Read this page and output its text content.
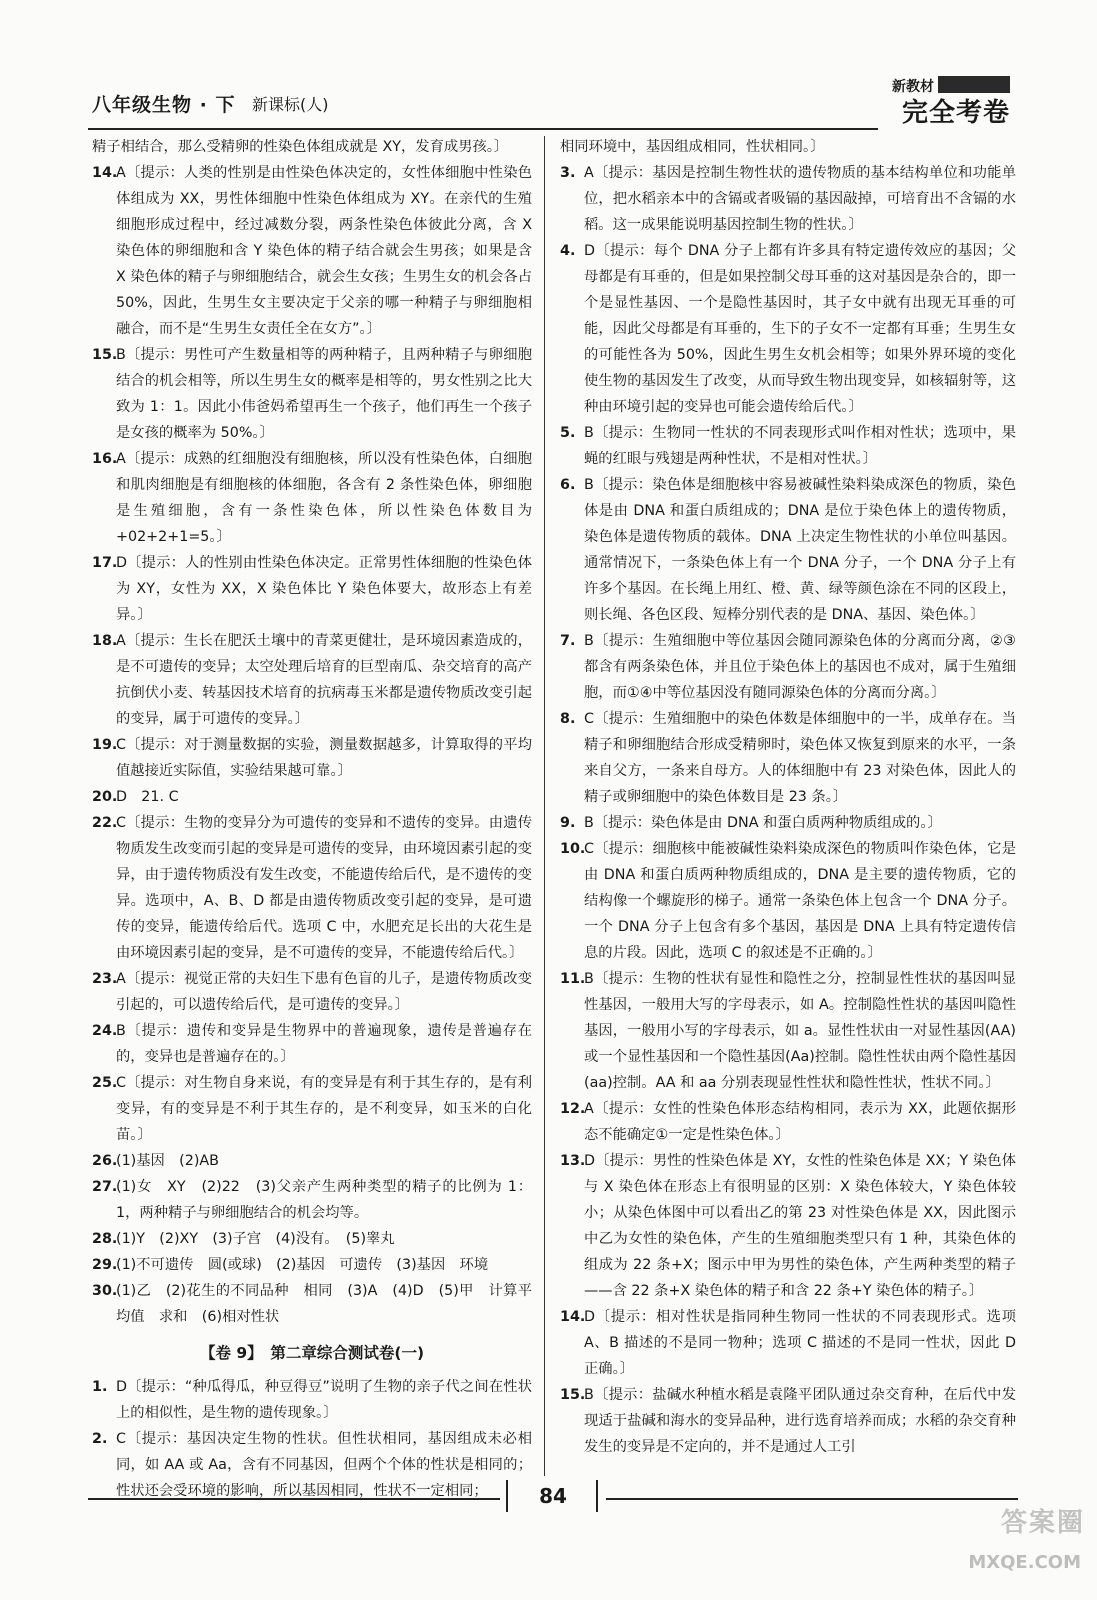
八年级生物 · 下 新课标(人)
新教材
完全考卷

精子相结合，那么受精卵的性染色体组成就是 XY，发育成男孩。〕

14.
A〔提示：人类的性别是由性染色体决定的，女性体细胞中性染色体组成为 XX，男性体细胞中性染色体组成为 XY。在亲代的生殖细胞形成过程中，经过减数分裂，两条性染色体彼此分离，含 X 染色体的卵细胞和含 Y 染色体的精子结合就会生男孩；如果是含 X 染色体的精子与卵细胞结合，就会生女孩；生男生女的机会各占 50%，因此，生男生女主要决定于父亲的哪一种精子与卵细胞相融合，而不是“生男生女责任全在女方”。〕

15.
B〔提示：男性可产生数量相等的两种精子，且两种精子与卵细胞结合的机会相等，所以生男生女的概率是相等的，男女性别之比大致为 1：1。因此小伟爸妈希望再生一个孩子，他们再生一个孩子是女孩的概率为 50%。〕

16.
A〔提示：成熟的红细胞没有细胞核，所以没有性染色体，白细胞和肌肉细胞是有细胞核的体细胞，各含有 2 条性染色体，卵细胞是生殖细胞，含有一条性染色体，所以性染色体数目为+02+2+1=5。〕

17.
D〔提示：人的性别由性染色体决定。正常男性体细胞的性染色体为 XY，女性为 XX，X 染色体比 Y 染色体要大，故形态上有差异。〕

18.
A〔提示：生长在肥沃土壤中的青菜更健壮，是环境因素造成的，是不可遗传的变异；太空处理后培育的巨型南瓜、杂交培育的高产抗倒伏小麦、转基因技术培育的抗病毒玉米都是遗传物质改变引起的变异，属于可遗传的变异。〕

19.
C〔提示：对于测量数据的实验，测量数据越多，计算取得的平均值越接近实际值，实验结果越可靠。〕

20.
D　21. C

22.
C〔提示：生物的变异分为可遗传的变异和不遗传的变异。由遗传物质发生改变而引起的变异是可遗传的变异，由环境因素引起的变异，由于遗传物质没有发生改变，不能遗传给后代，是不遗传的变异。选项中，A、B、D 都是由遗传物质改变引起的变异，是可遗传的变异，能遗传给后代。选项 C 中，水肥充足长出的大花生是由环境因素引起的变异，是不可遗传的变异，不能遗传给后代。〕

23.
A〔提示：视觉正常的夫妇生下患有色盲的儿子，是遗传物质改变引起的，可以遗传给后代，是可遗传的变异。〕

24.
B〔提示：遗传和变异是生物界中的普遍现象，遗传是普遍存在的，变异也是普遍存在的。〕

25.
C〔提示：对生物自身来说，有的变异是有利于其生存的，是有利变异，有的变异是不利于其生存的，是不利变异，如玉米的白化苗。〕

26.
(1)基因　(2)AB

27.
(1)女　XY　(2)22　(3)父亲产生两种类型的精子的比例为 1：1，两种精子与卵细胞结合的机会均等。

28.
(1)Y　(2)XY　(3)子宫　(4)没有。　(5)睾丸

29.
(1)不可遗传　圆(或球)　(2)基因　可遗传　(3)基因　环境

30.
(1)乙　(2)花生的不同品种　相同　(3)A　(4)D　(5)甲　计算平均值　求和　(6)相对性状

【卷 9】　第二章综合测试卷(一)

1. D〔提示：“种瓜得瓜，种豆得豆”说明了生物的亲子代之间在性状上的相似性，是生物的遗传现象。〕

2. C〔提示：基因决定生物的性状。但性状相同，基因组成未必相同，如 AA 或 Aa，含有不同基因，但两个个体的性状是相同的；性状还会受环境的影响，所以基因相同，性状不一定相同；

相同环境中，基因组成相同，性状相同。〕

3. A〔提示：基因是控制生物性状的遗传物质的基本结构单位和功能单位，把水稻亲本中的含镉或者吸镉的基因敲掉，可培育出不含镉的水稻。这一成果能说明基因控制生物的性状。〕

4. D〔提示：每个 DNA 分子上都有许多具有特定遗传效应的基因；父母都是有耳垂的，但是如果控制父母耳垂的这对基因是杂合的，即一个是显性基因、一个是隐性基因时，其子女中就有出现无耳垂的可能，因此父母都是有耳垂的，生下的子女不一定都有耳垂；生男生女的可能性各为 50%，因此生男生女机会相等；如果外界环境的变化使生物的基因发生了改变，从而导致生物出现变异，如核辐射等，这种由环境引起的变异也可能会遗传给后代。〕

5. B〔提示：生物同一性状的不同表现形式叫作相对性状；选项中，果蝇的红眼与残翅是两种性状，不是相对性状。〕

6. B〔提示：染色体是细胞核中容易被碱性染料染成深色的物质，染色体是由 DNA 和蛋白质组成的；DNA 是位于染色体上的遗传物质，染色体是遗传物质的载体。DNA 上决定生物性状的小单位叫基因。通常情况下，一条染色体上有一个 DNA 分子，一个 DNA 分子上有许多个基因。在长绳上用红、橙、黄、绿等颜色涂在不同的区段上，则长绳、各色区段、短棒分别代表的是 DNA、基因、染色体。〕

7. B〔提示：生殖细胞中等位基因会随同源染色体的分离而分离，②③都含有两条染色体，并且位于染色体上的基因也不成对，属于生殖细胞，而①④中等位基因没有随同源染色体的分离而分离。〕

8. C〔提示：生殖细胞中的染色体数是体细胞中的一半，成单存在。当精子和卵细胞结合形成受精卵时，染色体又恢复到原来的水平，一条来自父方，一条来自母方。人的体细胞中有 23 对染色体，因此人的精子或卵细胞中的染色体数目是 23 条。〕

9. B〔提示：染色体是由 DNA 和蛋白质两种物质组成的。〕

10.
C〔提示：细胞核中能被碱性染料染成深色的物质叫作染色体，它是由 DNA 和蛋白质两种物质组成的，DNA 是主要的遗传物质，它的结构像一个螺旋形的梯子。通常一条染色体上包含一个 DNA 分子。一个 DNA 分子上包含有多个基因，基因是 DNA 上具有特定遗传信息的片段。因此，选项 C 的叙述是不正确的。〕

11.
B〔提示：生物的性状有显性和隐性之分，控制显性性状的基因叫显性基因，一般用大写的字母表示，如 A。控制隐性性状的基因叫隐性基因，一般用小写的字母表示，如 a。显性性状由一对显性基因(AA)或一个显性基因和一个隐性基因(Aa)控制。隐性性状由两个隐性基因(aa)控制。AA 和 aa 分别表现显性性状和隐性性状，性状不同。〕

12.
A〔提示：女性的性染色体形态结构相同，表示为 XX，此题依据形态不能确定①一定是性染色体。〕

13.
D〔提示：男性的性染色体是 XY，女性的性染色体是 XX；Y 染色体与 X 染色体在形态上有很明显的区别：X 染色体较大，Y 染色体较小；从染色体图中可以看出乙的第 23 对性染色体是 XX，因此图示中乙为女性的染色体，产生的生殖细胞类型只有 1 种，其染色体的组成为 22 条+X；图示中甲为男性的染色体，产生两种类型的精子——含 22 条+X 染色体的精子和含 22 条+Y 染色体的精子。〕

14.
D〔提示：相对性状是指同种生物同一性状的不同表现形式。选项 A、B 描述的不是同一物种；选项 C 描述的不是同一性状，因此 D 正确。〕

15.
B〔提示：盐碱水种植水稻是袁隆平团队通过杂交育种，在后代中发现适于盐碱和海水的变异品种，进行选育培养而成；水稻的杂交育种发生的变异是不定向的，并不是通过人工引

84
答案圈
MXQE.COM
